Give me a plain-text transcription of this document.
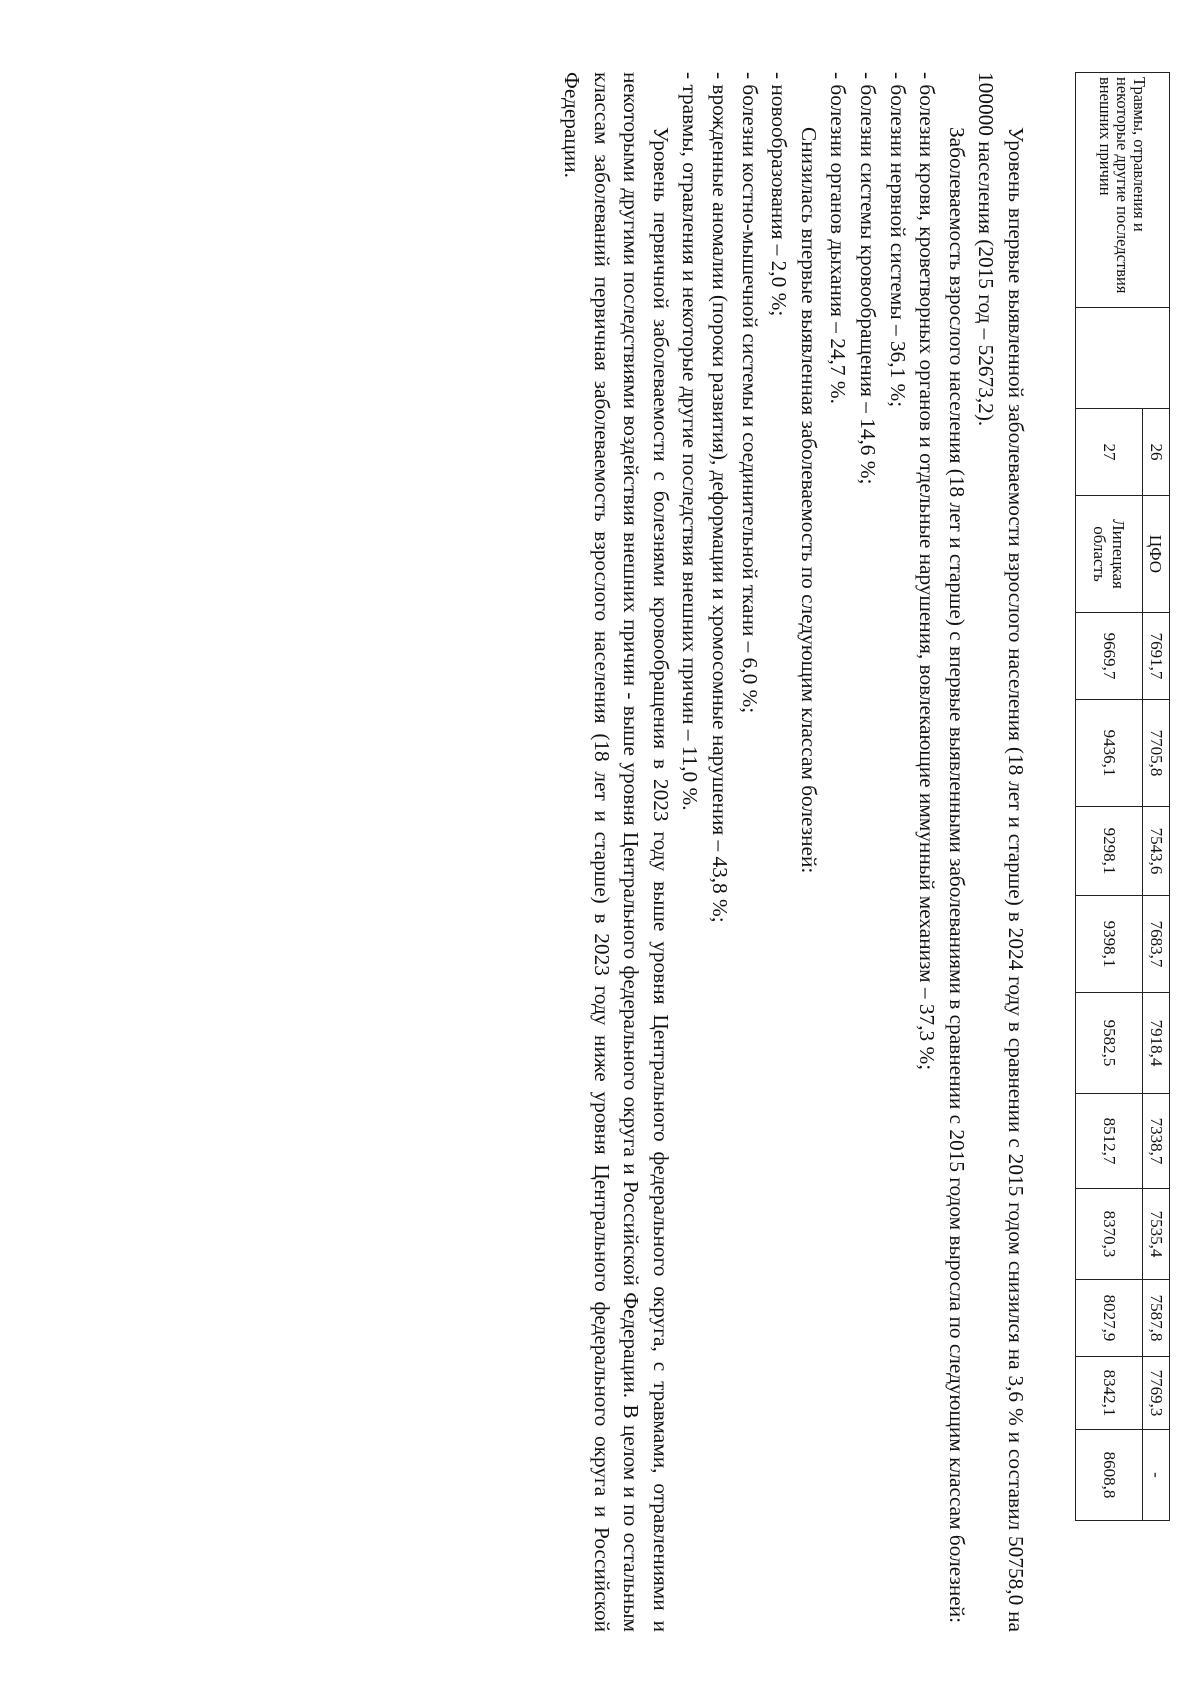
Травмы, отравления и некоторые другие последствия внешних причин		26	ЦФО	7691,7	7705,8	7543,6	7683,7	7918,4	7338,7	7535,4	7587,8	7769,3	-
		27	Липецкая область	9669,7	9436,1	9298,1	9398,1	9582,5	8512,7	8370,3	8027,9	8342,1	8608,8

Уровень впервые выявленной заболеваемости взрослого населения (18 лет и старше) в 2024 году в сравнении с 2015 годом снизился на 3,6 % и составил 50758,0 на 100000 населения (2015 год – 52673,2).

Заболеваемость взрослого населения (18 лет и старше) с впервые выявленными заболеваниями в сравнении с 2015 годом выросла по следующим классам болезней:

- болезни крови, кроветворных органов и отдельные нарушения, вовлекающие иммунный механизм – 37,3 %;

- болезни нервной системы – 36,1 %;

- болезни системы кровообращения – 14,6 %;

- болезни органов дыхания – 24,7 %.

Снизилась впервые выявленная заболеваемость по следующим классам болезней:

- новообразования – 2,0 %;

- болезни костно-мышечной системы и соединительной ткани – 6,0 %;

- врожденные аномалии (пороки развития), деформации и хромосомные нарушения – 43,8 %;

- травмы, отравления и некоторые другие последствия внешних причин – 11,0 %.

Уровень первичной заболеваемости с болезнями кровообращения в 2023 году выше уровня Центрального федерального округа, с травмами, отравлениями и некоторыми другими последствиями воздействия внешних причин - выше уровня Центрального федерального округа и Российской Федерации. В целом и по остальным классам заболеваний первичная заболеваемость взрослого населения (18 лет и старше) в 2023 году ниже уровня Центрального федерального округа и Российской Федерации.
